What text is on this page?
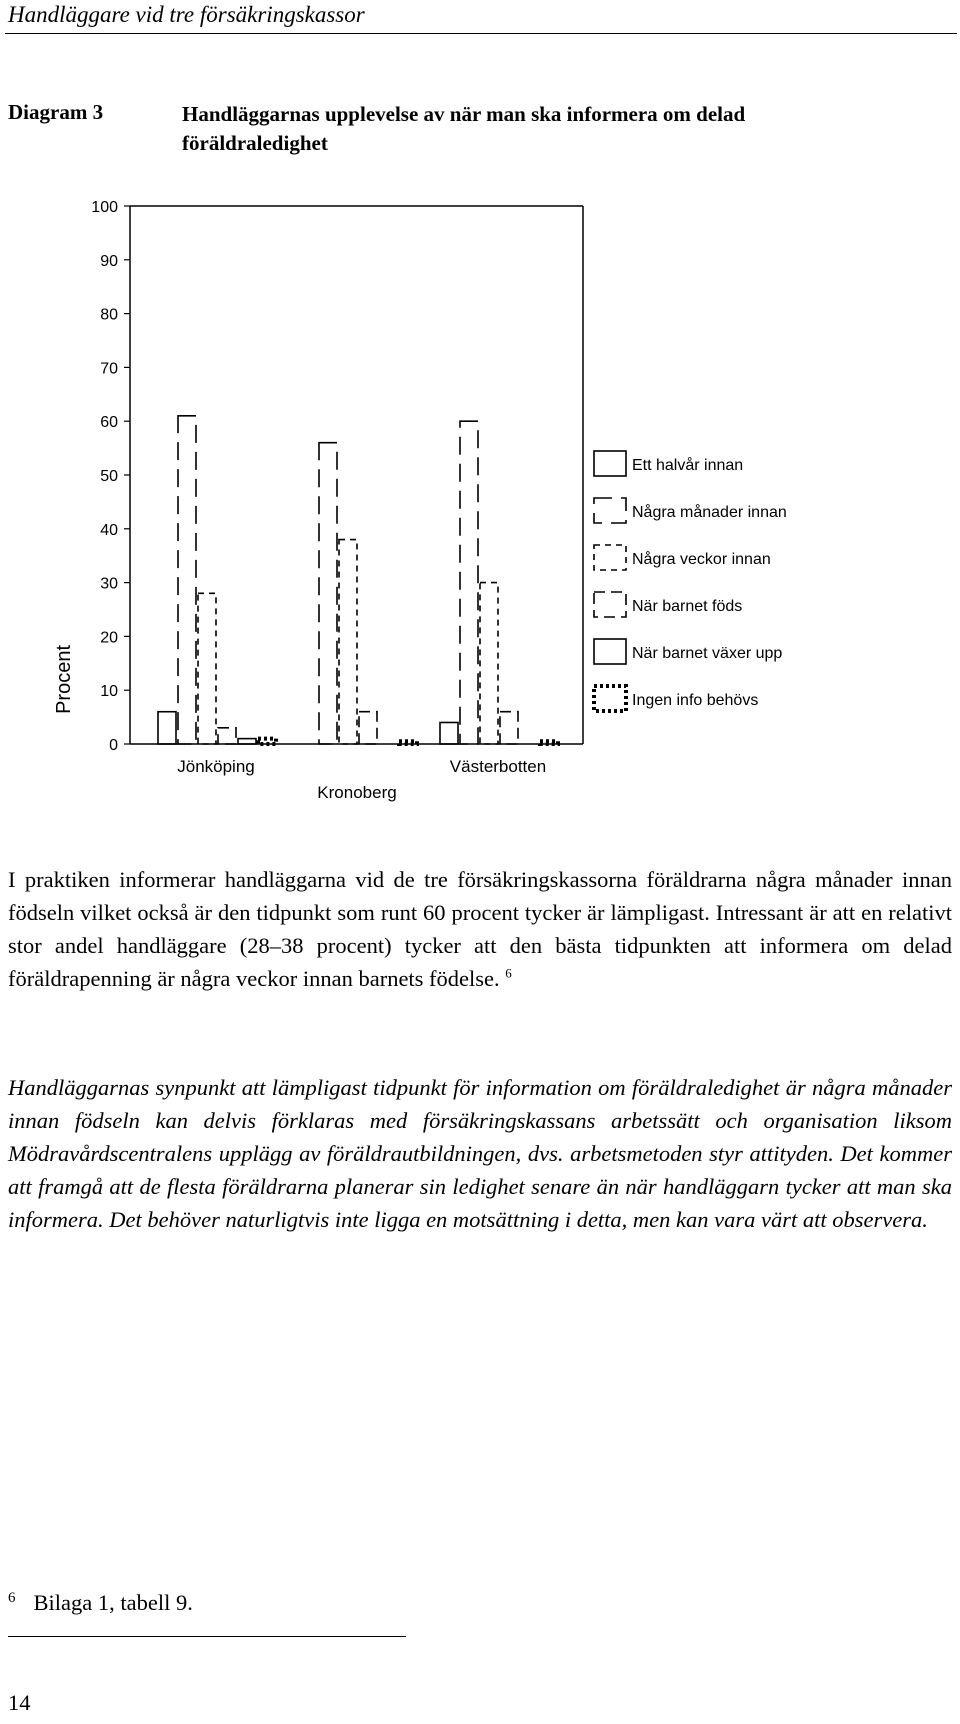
Handläggare vid tre försäkringskassor
Diagram 3	Handläggarnas upplevelse av när man ska informera om delad föräldraledighet
0
10
20
30
40
50
60
70
80
90
100
Procent
Jönköping
Kronoberg
Västerbotten
Ett halvår innan
Några månader innan
Några veckor innan
När barnet föds
När barnet växer upp
Ingen info behövs
I praktiken informerar handläggarna vid de tre försäkringskassorna föräldrarna några månader innan födseln vilket också är den tidpunkt som runt 60 procent tycker är lämpligast. Intressant är att en relativt stor andel handläggare (28–38 procent) tycker att den bästa tidpunkten att informera om delad föräldrapenning är några veckor innan barnets födelse. $^6$
Handläggarnas synpunkt att lämpligast tidpunkt för information om föräldraledighet är några månader innan födseln kan delvis förklaras med försäkringskassans arbetssätt och organisation liksom Mödravårdscentralens upplägg av föräldrautbildningen, dvs. arbetsmetoden styr attityden. Det kommer att framgå att de flesta föräldrarna planerar sin ledighet senare än när handläggarn tycker att man ska informera. Det behöver naturligtvis inte ligga en motsättning i detta, men kan vara värt att observera.
$^6$ Bilaga 1, tabell 9.
14
